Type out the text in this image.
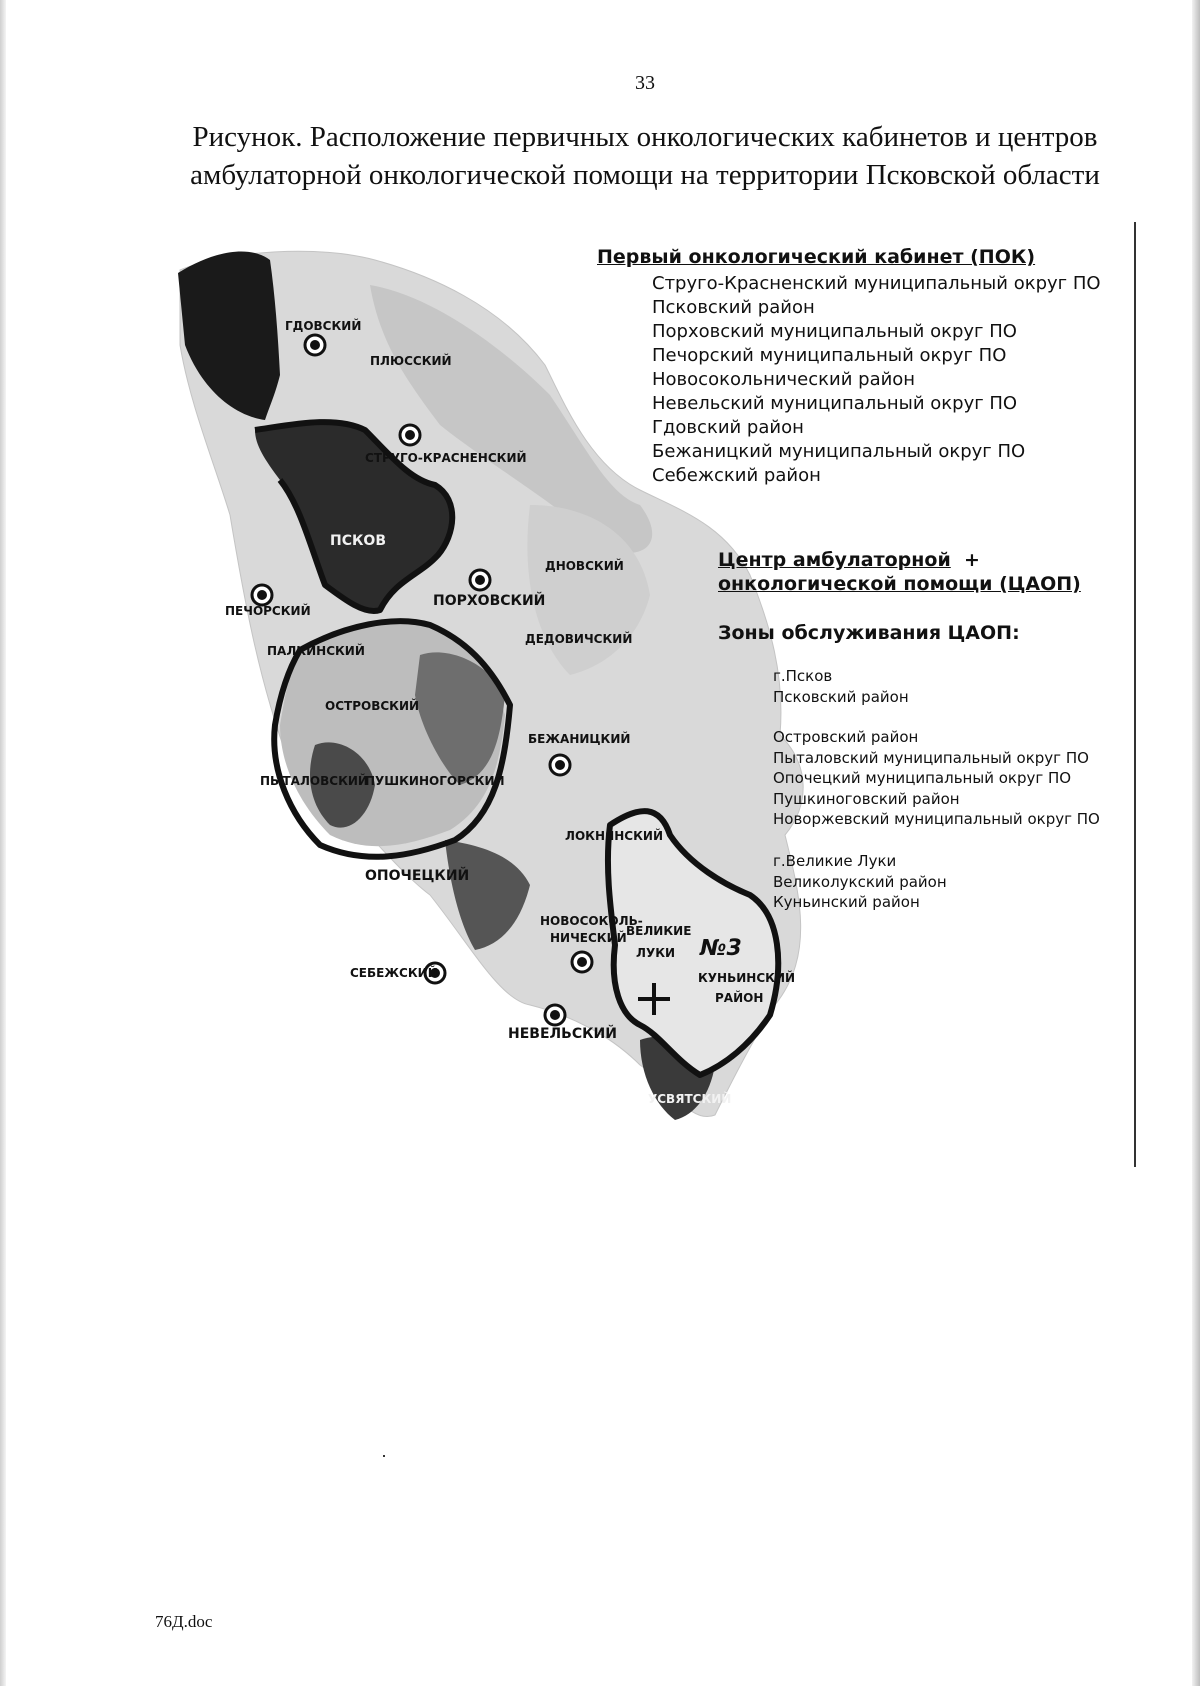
33
Рисунок. Расположение первичных онкологических кабинетов и центров
амбулаторной онкологической помощи на территории Псковской области
ГДОВСКИЙ
ПЛЮССКИЙ
СТРУГО-КРАСНЕНСКИЙ
ПСКОВ
ПЕЧОРСКИЙ
ПАЛКИНСКИЙ
ПОРХОВСКИЙ
ДНОВСКИЙ
ДЕДОВИЧСКИЙ
ОСТРОВСКИЙ
ПЫТАЛОВСКИЙ
ПУШКИНОГОРСКИЙ
ОПОЧЕЦКИЙ
БЕЖАНИЦКИЙ
ЛОКНЯНСКИЙ
НОВОСОКОЛЬ-
НИЧЕСКИЙ
СЕБЕЖСКИЙ
НЕВЕЛЬСКИЙ
ВЕЛИКИЕ
ЛУКИ №3
КУНЬИНСКИЙ
РАЙОН
УСВЯТСКИЙ
Первый онкологический кабинет (ПОК)
Струго-Красненский муниципальный округ ПО
Псковский район
Порховский муниципальный округ ПО
Печорский муниципальный округ ПО
Новосокольнический район
Невельский муниципальный округ ПО
Гдовский район
Бежаницкий муниципальный округ ПО
Себежский район
Центр амбулаторной +
онкологической помощи (ЦАОП)
Зоны обслуживания ЦАОП:
г.Псков
Псковский район
Островский район
Пыталовский муниципальный округ ПО
Опочецкий муниципальный округ ПО
Пушкиноговский район
Новоржевский муниципальный округ ПО
г.Великие Луки
Великолукский район
Куньинский район
76Д.doc
